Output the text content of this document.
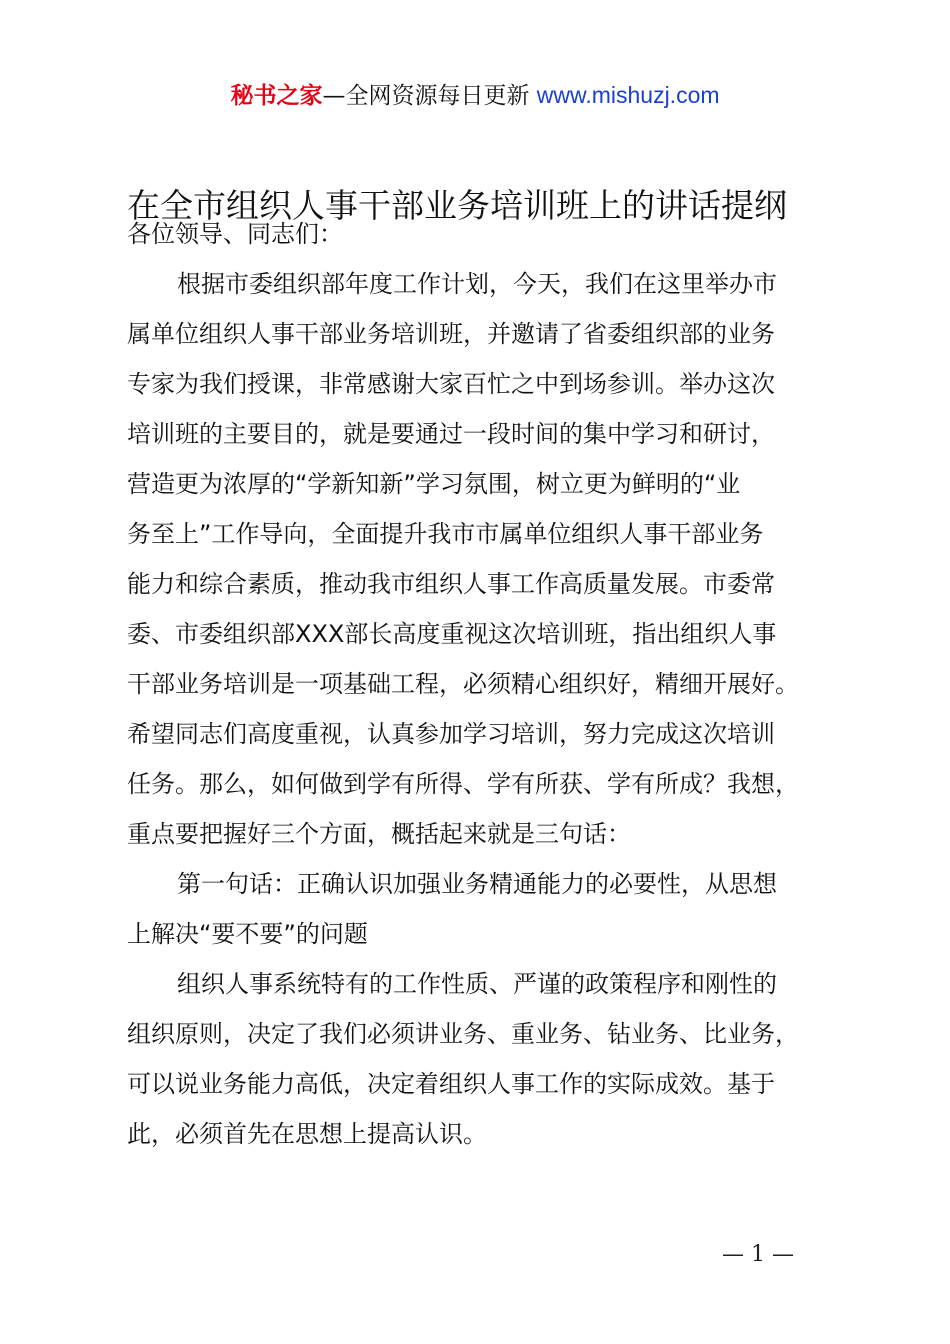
秘书之家—全网资源每日更新 www.mishuzj.com
在全市组织人事干部业务培训班上的讲话提纲
各位领导、同志们：
根据市委组织部年度工作计划，今天，我们在这里举办市
属单位组织人事干部业务培训班，并邀请了省委组织部的业务
专家为我们授课，非常感谢大家百忙之中到场参训。举办这次
培训班的主要目的，就是要通过一段时间的集中学习和研讨，
营造更为浓厚的“学新知新”学习氛围，树立更为鲜明的“业
务至上”工作导向，全面提升我市市属单位组织人事干部业务
能力和综合素质，推动我市组织人事工作高质量发展。市委常
委、市委组织部XXX部长高度重视这次培训班，指出组织人事
干部业务培训是一项基础工程，必须精心组织好，精细开展好。
希望同志们高度重视，认真参加学习培训，努力完成这次培训
任务。那么，如何做到学有所得、学有所获、学有所成？我想，
重点要把握好三个方面，概括起来就是三句话：
第一句话：正确认识加强业务精通能力的必要性，从思想
上解决“要不要”的问题
组织人事系统特有的工作性质、严谨的政策程序和刚性的
组织原则，决定了我们必须讲业务、重业务、钻业务、比业务，
可以说业务能力高低，决定着组织人事工作的实际成效。基于
此，必须首先在思想上提高认识。
— 1 —
